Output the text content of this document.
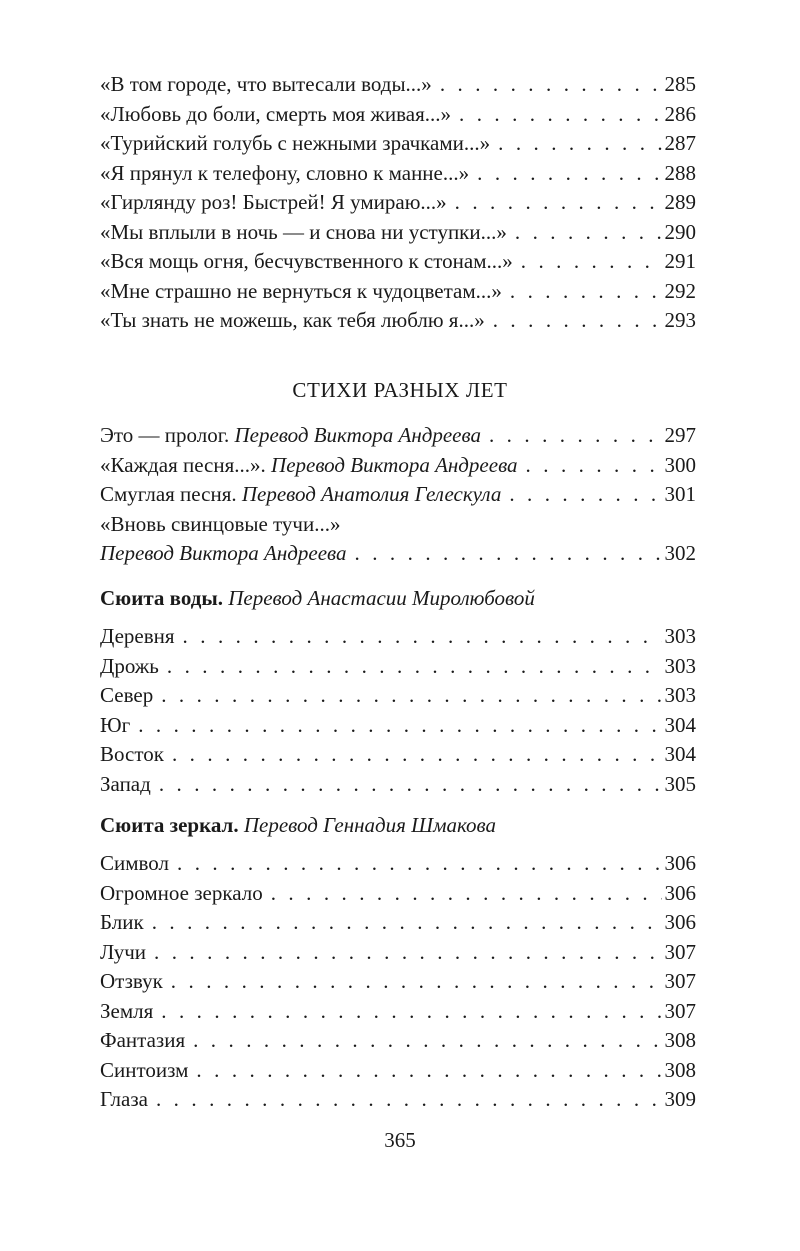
«В том городе, что вытесали воды...» . . .	285
«Любовь до боли, смерть моя живая...» . . .	286
«Турийский голубь с нежными зрачками...» . . .	287
«Я прянул к телефону, словно к манне...» . . .	288
«Гирлянду роз! Быстрей! Я умираю...» . . .	289
«Мы вплыли в ночь — и снова ни уступки...» . . .	290
«Вся мощь огня, бесчувственного к стонам...» . . .	291
«Мне страшно не вернуться к чудоцветам...» . . .	292
«Ты знать не можешь, как тебя люблю я...» . . .	293
СТИХИ РАЗНЫХ ЛЕТ
Это — пролог. Перевод Виктора Андреева . . .	297
«Каждая песня...». Перевод Виктора Андреева . . .	300
Смуглая песня. Перевод Анатолия Гелескула . . .	301
«Вновь свинцовые тучи...»
Перевод Виктора Андреева . . .	302
Сюита воды. Перевод Анастасии Миролюбовой
Деревня . . .	303
Дрожь . . .	303
Север . . .	303
Юг . . .	304
Восток . . .	304
Запад . . .	305
Сюита зеркал. Перевод Геннадия Шмакова
Символ . . .	306
Огромное зеркало . . .	306
Блик . . .	306
Лучи . . .	307
Отзвук . . .	307
Земля . . .	307
Фантазия . . .	308
Синтоизм . . .	308
Глаза . . .	309
365
